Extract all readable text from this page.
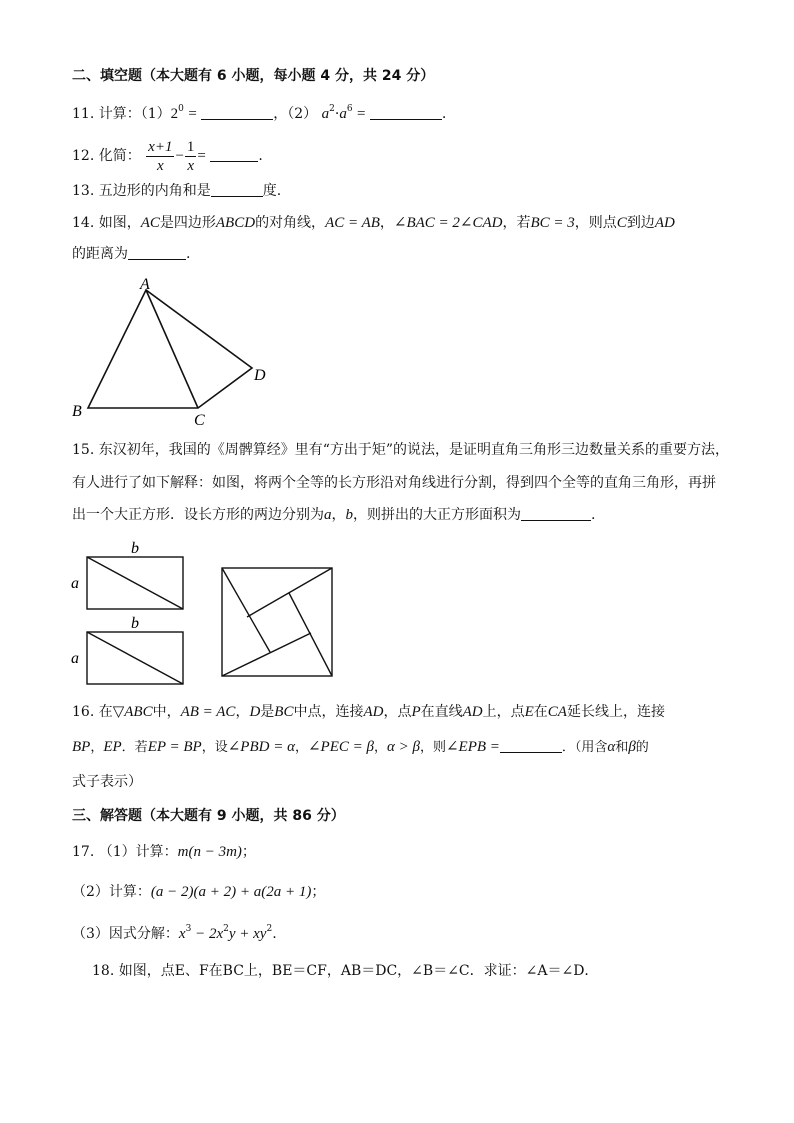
二、填空题（本大题有 6 小题，每小题 4 分，共 24 分）
11. 计算：$(1)2^0$ =	，（2） $a^2\cdot a^6$ =	.
12. 化简： $\frac{x+1}{x} - \frac{1}{x}$ =	.
13. 五边形的内角和是	度.
14. 如图，AC是四边形ABCD的对角线，AC = AB，∠BAC = 2∠CAD，若BC = 3，则点C到边AD
的距离为	.
A
B
C
D
15. 东汉初年，我国的《周髀算经》里有“方出于矩”的说法，是证明直角三角形三边数量关系的重要方法，
有人进行了如下解释：如图，将两个全等的长方形沿对角线进行分割，得到四个全等的直角三角形，再拼
出一个大正方形．设长方形的两边分别为a，b，则拼出的大正方形面积为	.
b
a
b
a
16. 在▽ABC中，AB = AC，D是BC中点，连接AD，点P在直线AD上，点E在CA延长线上，连接
BP，EP．若EP = BP，设∠PBD = α，∠PEC = β，α > β，则∠EPB =	．（用含α和β的
式子表示）
三、解答题（本大题有 9 小题，共 86 分）
17. （1）计算：m(n − 3m)；
（2）计算：(a − 2)(a + 2) + a(2a + 1)；
（3）因式分解：$x^3 - 2x^2y + xy^2$.
18. 如图，点E、F在BC上，BE＝CF，AB＝DC，∠B＝∠C．求证：∠A＝∠D．
